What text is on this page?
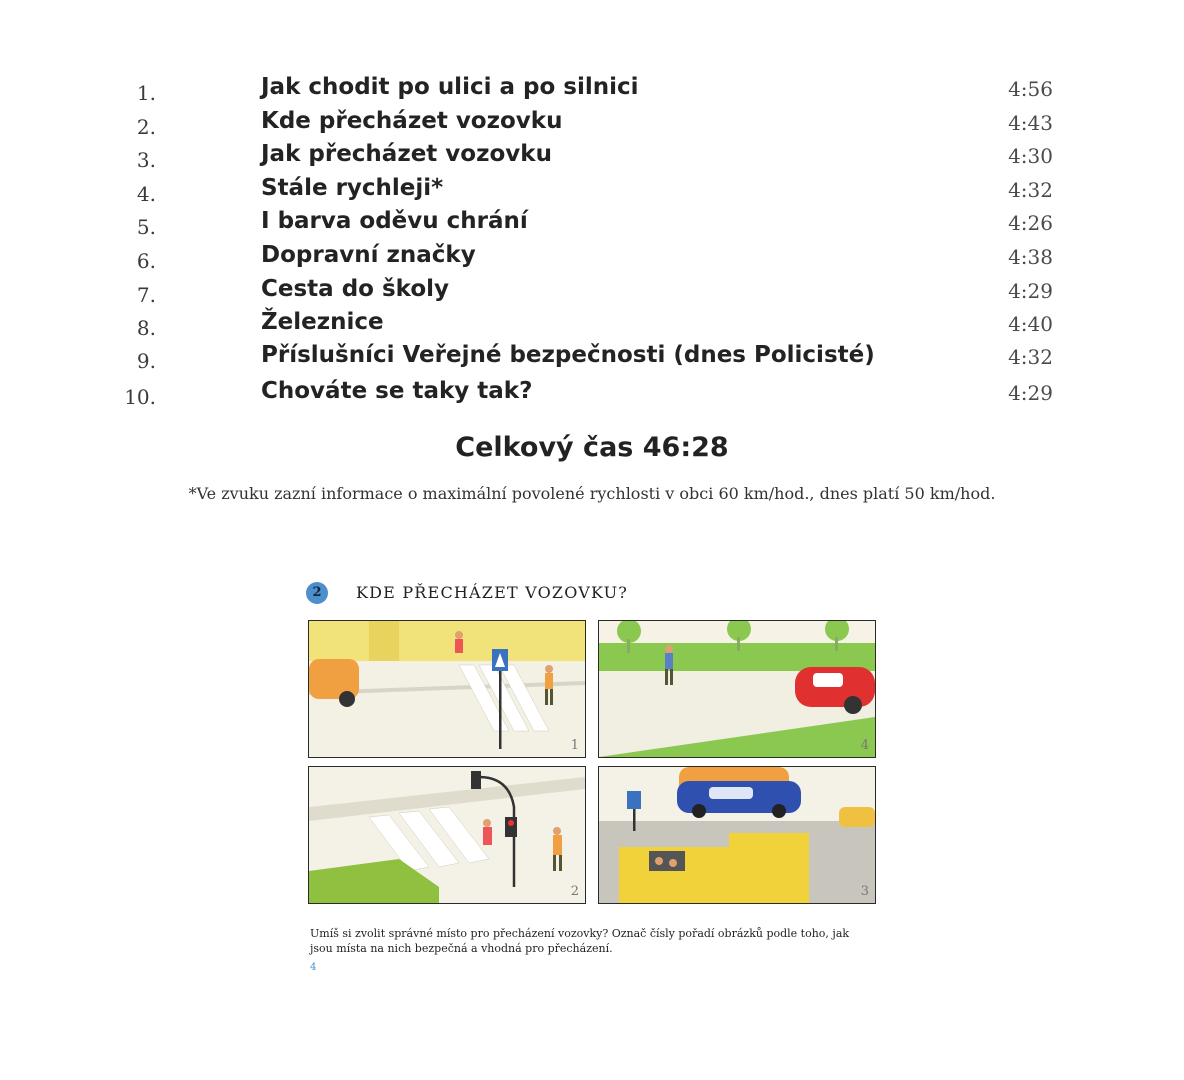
1.	Jak chodit po ulici a po silnici	4:56
2.	Kde přecházet vozovku	4:43
3.	Jak přecházet vozovku	4:30
4.	Stále rychleji*	4:32
5.	I barva oděvu chrání	4:26
6.	Dopravní značky	4:38
7.	Cesta do školy	4:29
8.	Železnice	4:40
9.	Příslušníci Veřejné bezpečnosti (dnes Policisté)	4:32
10.	Chováte se taky tak?	4:29
Celkový čas 46:28
*Ve zvuku zazní informace o maximální povolené rychlosti v obci 60 km/hod., dnes platí 50 km/hod.
2	KDE PŘECHÁZET VOZOVKU?
1	4
2	3
Umíš si zvolit správné místo pro přecházení vozovky? Označ čísly pořadí obrázků podle toho, jak jsou místa na nich bezpečná a vhodná pro přecházení.
4
